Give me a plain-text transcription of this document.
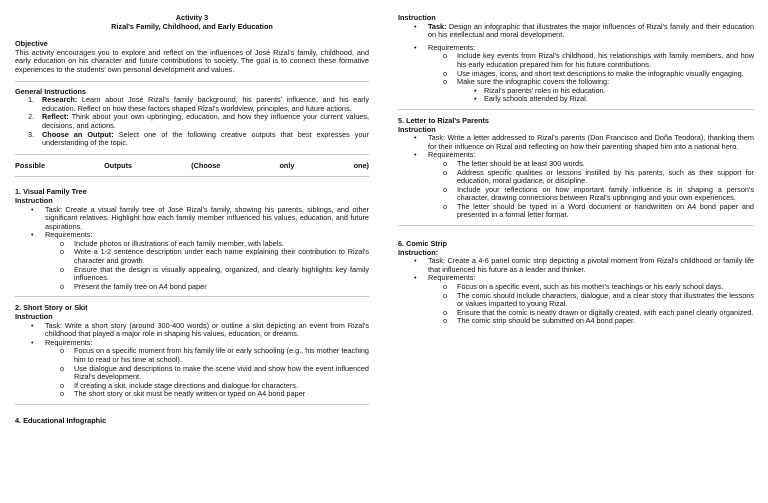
Activity 3

Rizal's Family, Childhood, and Early Education

Objective

This activity encourages you to explore and reflect on the influences of José Rizal's family, childhood, and early education on his character and future contributions to society. The goal is to connect these formative experiences to the students' own personal development and values.

General Instructions

1.	Research: Learn about José Rizal's family background, his parents' influence, and his early education. Reflect on how these factors shaped Rizal's worldview, principles, and future actions.
2.	Reflect: Think about your own upbringing, education, and how they influence your current values, decisions, and actions.
3.	Choose an Output: Select one of the following creative outputs that best expresses your understanding of the topic.
Possible	Outputs	(Choose	only	one)

1. Visual Family Tree

Instruction

•	Task: Create a visual family tree of José Rizal's family, showing his parents, siblings, and other significant relatives. Highlight how each family member influenced his values, education, and future aspirations.
•	Requirements:
o	Include photos or illustrations of each family member, with labels.
o	Write a 1-2 sentence description under each name explaining their contribution to Rizal's character and growth.
o	Ensure that the design is visually appealing, organized, and clearly highlights key family influences.
o	Present the family tree on A4 bond paper

2. Short Story or Skit

Instruction

•	Task: Write a short story (around 300-400 words) or outline a skit depicting an event from Rizal's childhood that played a major role in shaping his values, education, or dreams.
•	Requirements:
o	Focus on a specific moment from his family life or early schooling (e.g., his mother teaching him to read or his time at school).
o	Use dialogue and descriptions to make the scene vivid and show how the event influenced Rizal's development.
o	If creating a skit, include stage directions and dialogue for characters.
o	The short story or skit must be neatly written or typed on A4 bond paper

4. Educational Infographic

Instruction

•	Task: Design an infographic that illustrates the major influences of Rizal's family and their education on his intellectual and moral development.
•	Requirements:
o	Include key events from Rizal's childhood, his relationships with family members, and how his early education prepared him for his future contributions.
o	Use images, icons, and short text descriptions to make the infographic visually engaging.
o	Make sure the infographic covers the following:
▪	Rizal's parents' roles in his education.
▪	Early schools attended by Rizal.

5. Letter to Rizal's Parents

Instruction

•	Task: Write a letter addressed to Rizal's parents (Don Francisco and Doña Teodora), thanking them for their influence on Rizal and reflecting on how their parenting shaped him into a national hero.
•	Requirements:
o	The letter should be at least 300 words.
o	Address specific qualities or lessons instilled by his parents, such as their support for education, moral guidance, or discipline.
o	Include your reflections on how important family influence is in shaping a person's character, drawing connections between Rizal's upbringing and your own experiences.
o	The letter should be typed in a Word document or handwritten on A4 bond paper and presented in a formal letter format.

6. Comic Strip

Instruction:

•	Task: Create a 4-6 panel comic strip depicting a pivotal moment from Rizal's childhood or family life that influenced his future as a leader and thinker.
•	Requirements:
o	Focus on a specific event, such as his mother's teachings or his early school days.
o	The comic should include characters, dialogue, and a clear story that illustrates the lessons or values imparted to young Rizal.
o	Ensure that the comic is neatly drawn or digitally created, with each panel clearly organized.
o	The comic strip should be submitted on A4 bond paper.
